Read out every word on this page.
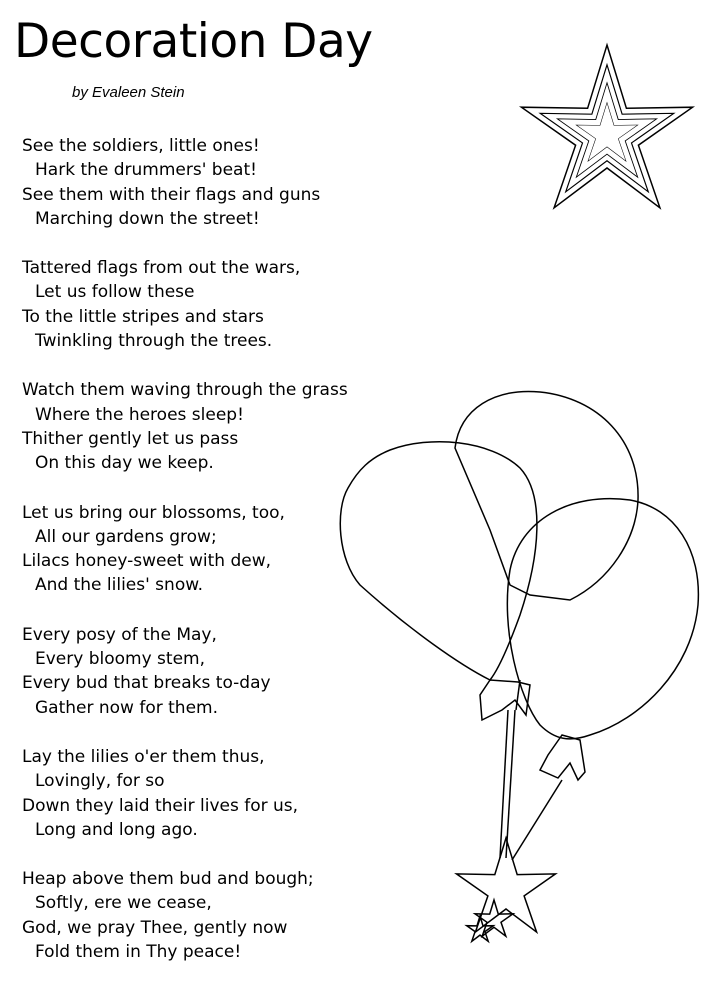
Decoration Day
by Evaleen Stein
See the soldiers, little ones!
Hark the drummers' beat!
See them with their flags and guns
Marching down the street!
Tattered flags from out the wars,
Let us follow these
To the little stripes and stars
Twinkling through the trees.
Watch them waving through the grass
Where the heroes sleep!
Thither gently let us pass
On this day we keep.
Let us bring our blossoms, too,
All our gardens grow;
Lilacs honey-sweet with dew,
And the lilies' snow.
Every posy of the May,
Every bloomy stem,
Every bud that breaks to-day
Gather now for them.
Lay the lilies o'er them thus,
Lovingly, for so
Down they laid their lives for us,
Long and long ago.
Heap above them bud and bough;
Softly, ere we cease,
God, we pray Thee, gently now
Fold them in Thy peace!
